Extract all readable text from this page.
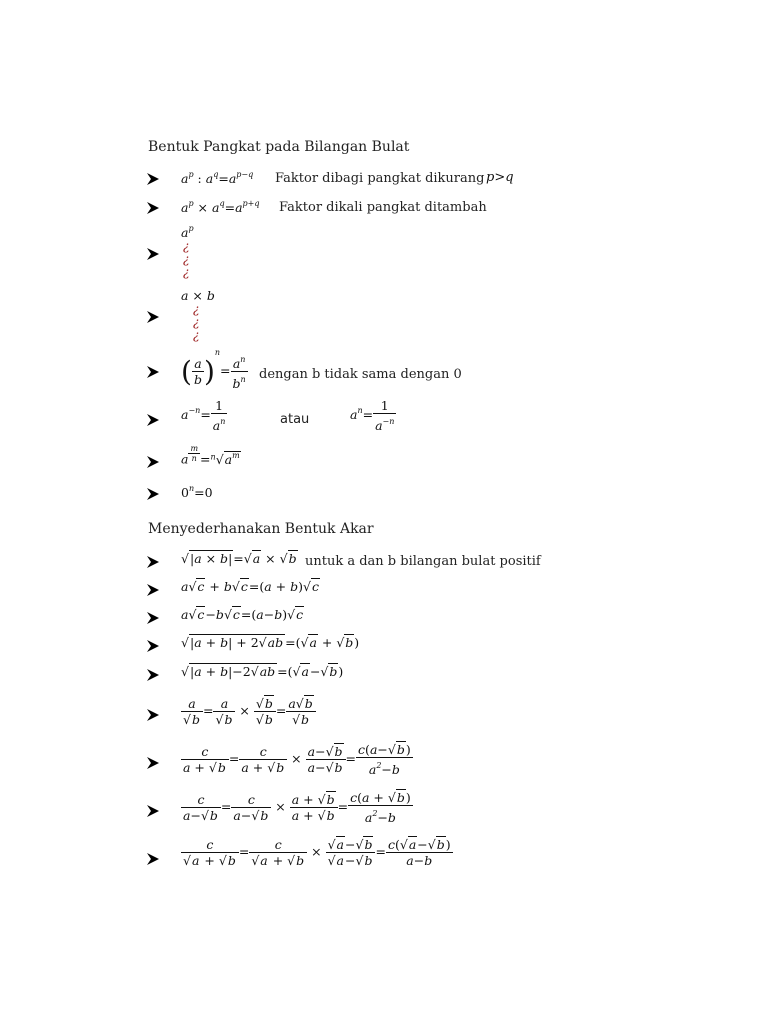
Bentuk Pangkat pada Bilangan Bulat
$a^p$ : $a^q=a^{p-q}$ Faktor dibagi pangkat dikurang p>q
$a^p \times a^q=a^{p+q}$ Faktor dikali pangkat ditambah
$a^p$
¿
¿
¿
a × b
¿
¿
¿
( $\frac{a}{b} )^n= \frac{a^n}{b^n}$ dengan b tidak sama dengan 0
$a^{-n}= \frac{1}{a^n}$	atau	$a^n= \frac{1}{a^{-n}}$
a $^{\frac{m}{n}} =^n√a^m$
$0^n=0$
Menyederhanakan Bentuk Akar
√|a × b|=√a × √b untuk a dan b bilangan bulat positif
a√c + b√c=(a + b)√c
a√c−b√c=(a−b)√c
√|a + b| + 2√ab =(√a + √b)
√|a + b|−2√ab =(√a−√b)
$\frac{a}{√b} = \frac{a}{√b} \times \frac{√b}{√b} = \frac{a√b}{√b}$
$\frac{c}{a + √b} = \frac{c}{a + √b} \times \frac{a-√b}{a-√b} = \frac{c(a-√b)}{a^2-b}$
$\frac{c}{a-√b} = \frac{c}{a-√b} \times \frac{a + √b}{a + √b} = \frac{c(a + √b)}{a^2-b}$
$\frac{c}{√a + √b} = \frac{c}{√a + √b} \times \frac{√a-√b}{√a-√b} = \frac{c(√a-√b)}{a-b}$
